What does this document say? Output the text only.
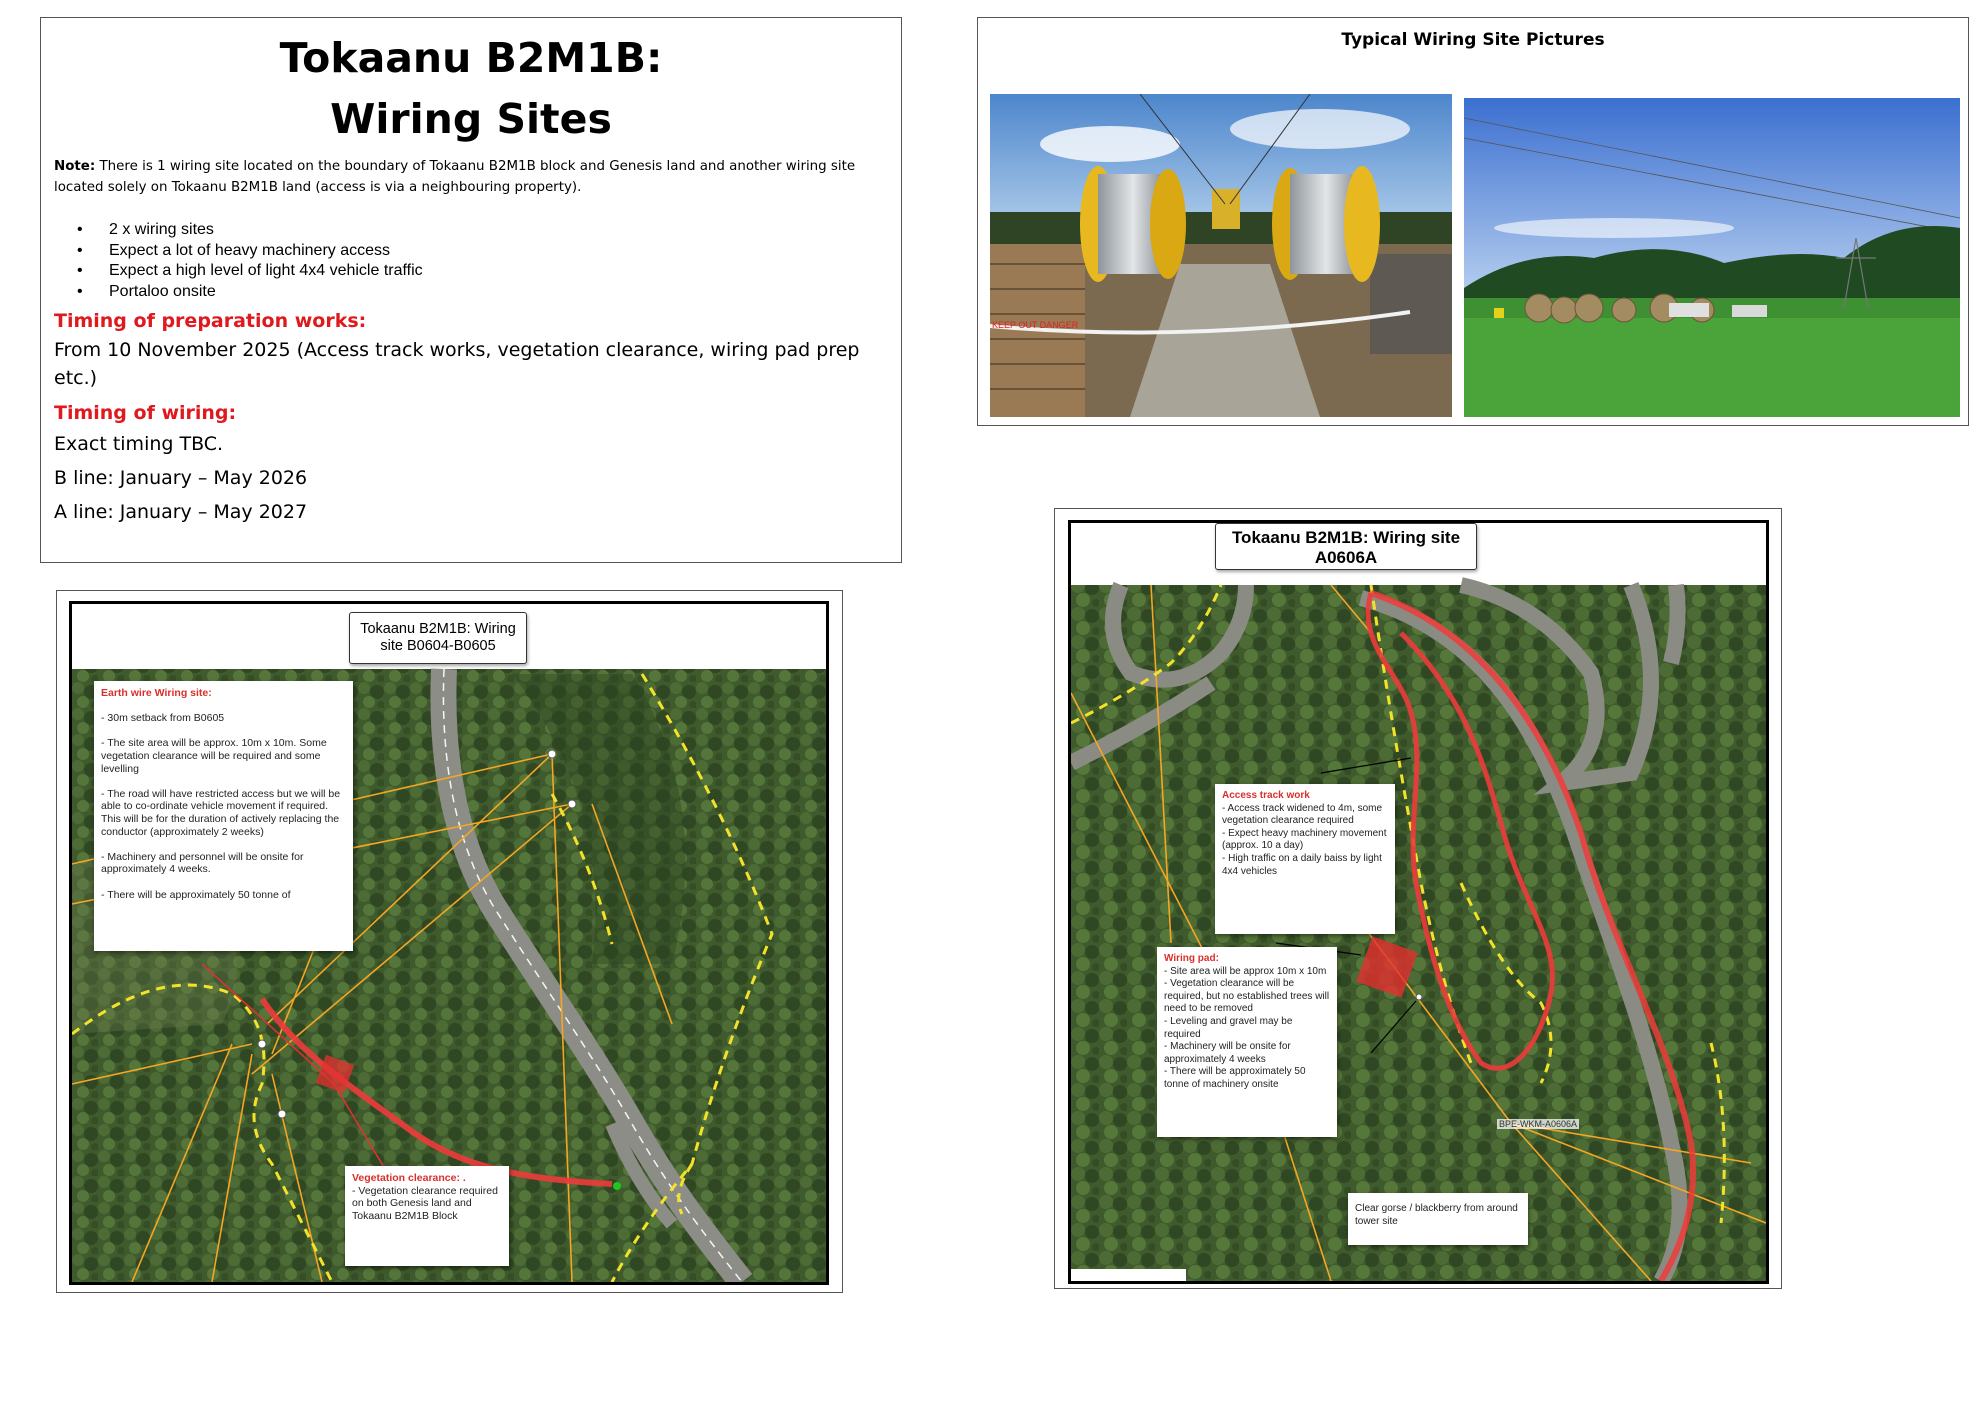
Tokaanu B2M1B:
Wiring Sites
Note: There is 1 wiring site located on the boundary of Tokaanu B2M1B block and Genesis land and another wiring site located solely on Tokaanu B2M1B land (access is via a neighbouring property).
• 2 x wiring sites
• Expect a lot of heavy machinery access
• Expect a high level of light 4x4 vehicle traffic
• Portaloo onsite
Timing of preparation works:
From 10 November 2025 (Access track works, vegetation clearance, wiring pad prep etc.)
Timing of wiring:
Exact timing TBC.
B line: January – May 2026
A line: January – May 2027
Typical Wiring Site Pictures
KEEP OUT DANGER
Tokaanu B2M1B: Wiring site B0604-B0605
Earth wire Wiring site:

- 30m setback from B0605

- The site area will be approx. 10m x 10m. Some vegetation clearance will be required and some levelling

- The road will have restricted access but we will be able to co-ordinate vehicle movement if required. This will be for the duration of actively replacing the conductor (approximately 2 weeks)

- Machinery and personnel will be onsite for approximately 4 weeks.

- There will be approximately 50 tonne of
Vegetation clearance: .
- Vegetation clearance required on both Genesis land and Tokaanu B2M1B Block
Tokaanu B2M1B: Wiring site A0606A
Access track work
- Access track widened to 4m, some vegetation clearance required
- Expect heavy machinery movement (approx. 10 a day)
- High traffic on a daily baiss by light 4x4 vehicles
Wiring pad:
- Site area will be approx 10m x 10m
- Vegetation clearance will be required, but no established trees will need to be removed
- Leveling and gravel may be required
- Machinery will be onsite for approximately 4 weeks
- There will be approximately 50 tonne of machinery onsite
Clear gorse / blackberry from around tower site
BPE-WKM-A0606A
